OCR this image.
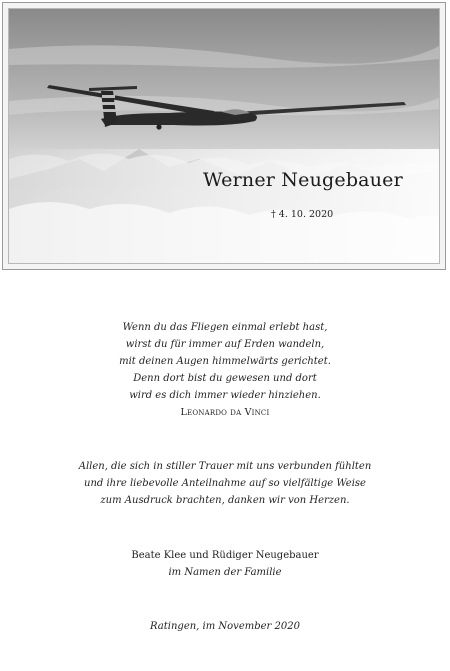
Werner Neugebauer
† 4. 10. 2020
Wenn du das Fliegen einmal erlebt hast,
wirst du für immer auf Erden wandeln,
mit deinen Augen himmelwärts gerichtet.
Denn dort bist du gewesen und dort
wird es dich immer wieder hinziehen.
Leonardo da Vinci
Allen, die sich in stiller Trauer mit uns verbunden fühlten
und ihre liebevolle Anteilnahme auf so vielfältige Weise
zum Ausdruck brachten, danken wir von Herzen.
Beate Klee und Rüdiger Neugebauer
im Namen der Familie
Ratingen, im November 2020
